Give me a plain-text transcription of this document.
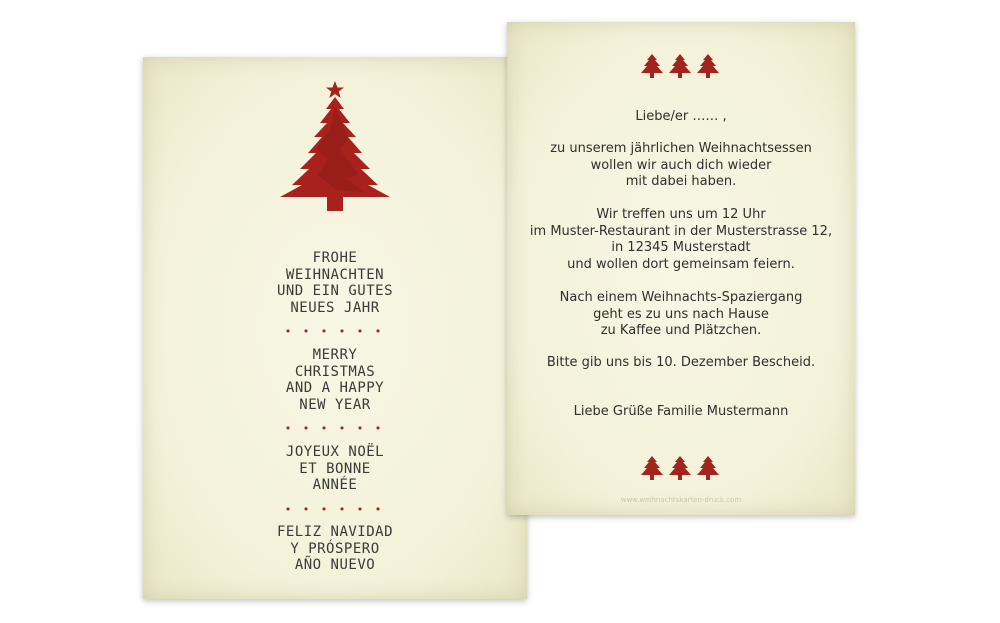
FROHE
WEIHNACHTEN
UND EIN GUTES
NEUES JAHR
• • • • • •
MERRY
CHRISTMAS
AND A HAPPY
NEW YEAR
• • • • • •
JOYEUX NOËL
ET BONNE
ANNÉE
• • • • • •
FELIZ NAVIDAD
Y PRÓSPERO
AÑO NUEVO
Liebe/er …… ,
zu unserem jährlichen Weihnachtsessen
wollen wir auch dich wieder
mit dabei haben.
Wir treffen uns um 12 Uhr
im Muster-Restaurant in der Musterstrasse 12,
in 12345 Musterstadt
und wollen dort gemeinsam feiern.
Nach einem Weihnachts-Spaziergang
geht es zu uns nach Hause
zu Kaffee und Plätzchen.
Bitte gib uns bis 10. Dezember Bescheid.
Liebe Grüße Familie Mustermann
www.weihnachtskarten-druck.com
